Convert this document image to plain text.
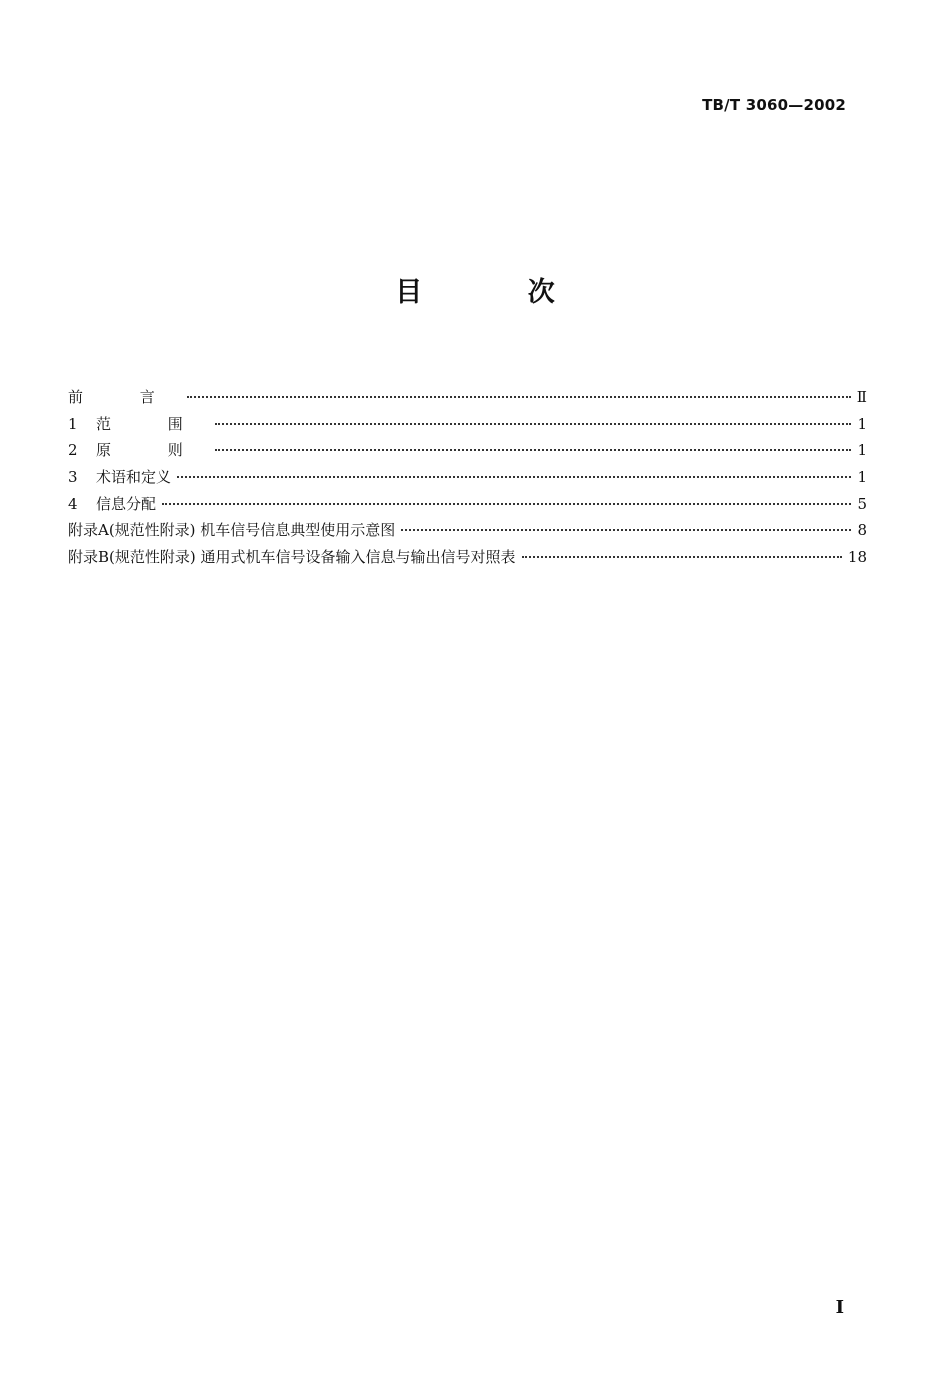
TB/T 3060—2002
目 次
前 言	Ⅱ
1	范 围	1
2	原 则	1
3	术语和定义	1
4	信息分配	5
附录A(规范性附录) 机车信号信息典型使用示意图	8
附录B(规范性附录) 通用式机车信号设备输入信息与输出信号对照表	18
Ⅰ
